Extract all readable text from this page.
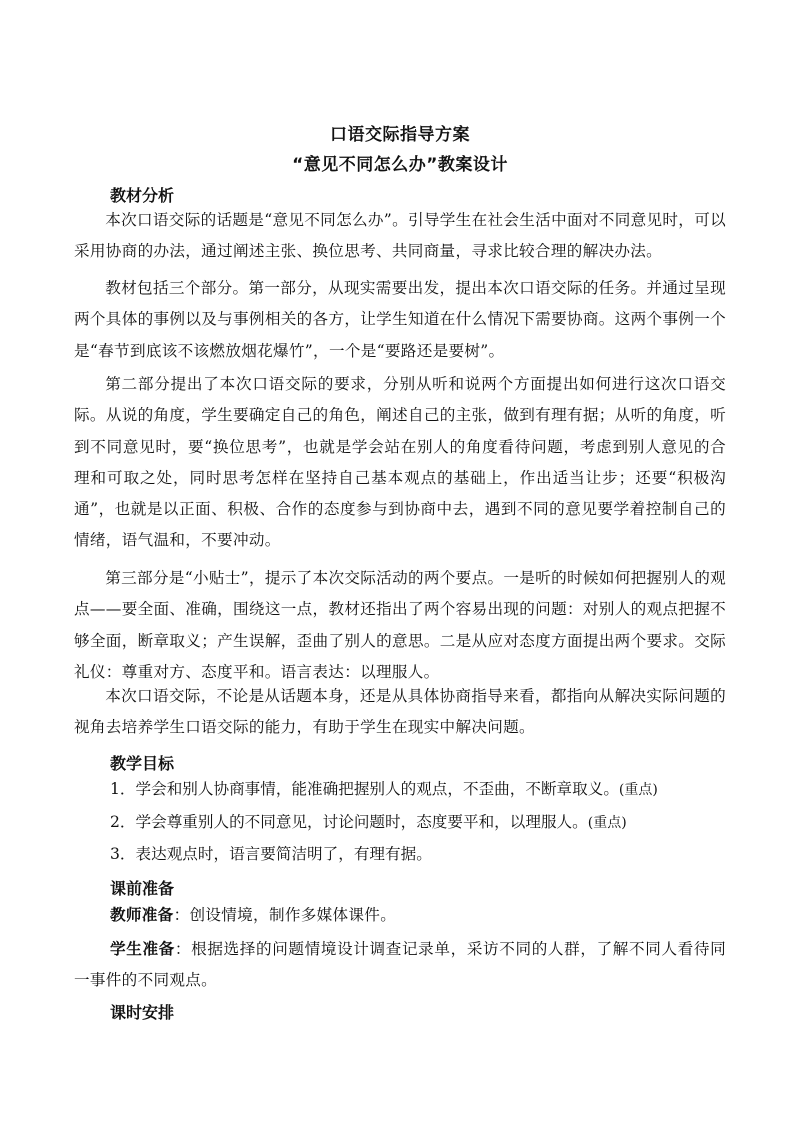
口语交际指导方案
“意见不同怎么办”教案设计
教材分析
本次口语交际的话题是“意见不同怎么办”。引导学生在社会生活中面对不同意见时，可以采用协商的办法，通过阐述主张、换位思考、共同商量，寻求比较合理的解决办法。
教材包括三个部分。第一部分，从现实需要出发，提出本次口语交际的任务。并通过呈现两个具体的事例以及与事例相关的各方，让学生知道在什么情况下需要协商。这两个事例一个是“春节到底该不该燃放烟花爆竹”，一个是“要路还是要树”。
第二部分提出了本次口语交际的要求，分别从听和说两个方面提出如何进行这次口语交际。从说的角度，学生要确定自己的角色，阐述自己的主张，做到有理有据；从听的角度，听到不同意见时，要“换位思考”，也就是学会站在别人的角度看待问题，考虑到别人意见的合理和可取之处，同时思考怎样在坚持自己基本观点的基础上，作出适当让步；还要“积极沟通”，也就是以正面、积极、合作的态度参与到协商中去，遇到不同的意见要学着控制自己的情绪，语气温和，不要冲动。
第三部分是“小贴士”，提示了本次交际活动的两个要点。一是听的时候如何把握别人的观点——要全面、准确，围绕这一点，教材还指出了两个容易出现的问题：对别人的观点把握不够全面，断章取义；产生误解，歪曲了别人的意思。二是从应对态度方面提出两个要求。交际礼仪：尊重对方、态度平和。语言表达：以理服人。
本次口语交际，不论是从话题本身，还是从具体协商指导来看，都指向从解决实际问题的视角去培养学生口语交际的能力，有助于学生在现实中解决问题。
教学目标
1．学会和别人协商事情，能准确把握别人的观点，不歪曲，不断章取义。(重点)
2．学会尊重别人的不同意见，讨论问题时，态度要平和，以理服人。(重点)
3．表达观点时，语言要简洁明了，有理有据。
课前准备
教师准备：创设情境，制作多媒体课件。
学生准备：根据选择的问题情境设计调查记录单，采访不同的人群，了解不同人看待同一事件的不同观点。
课时安排
